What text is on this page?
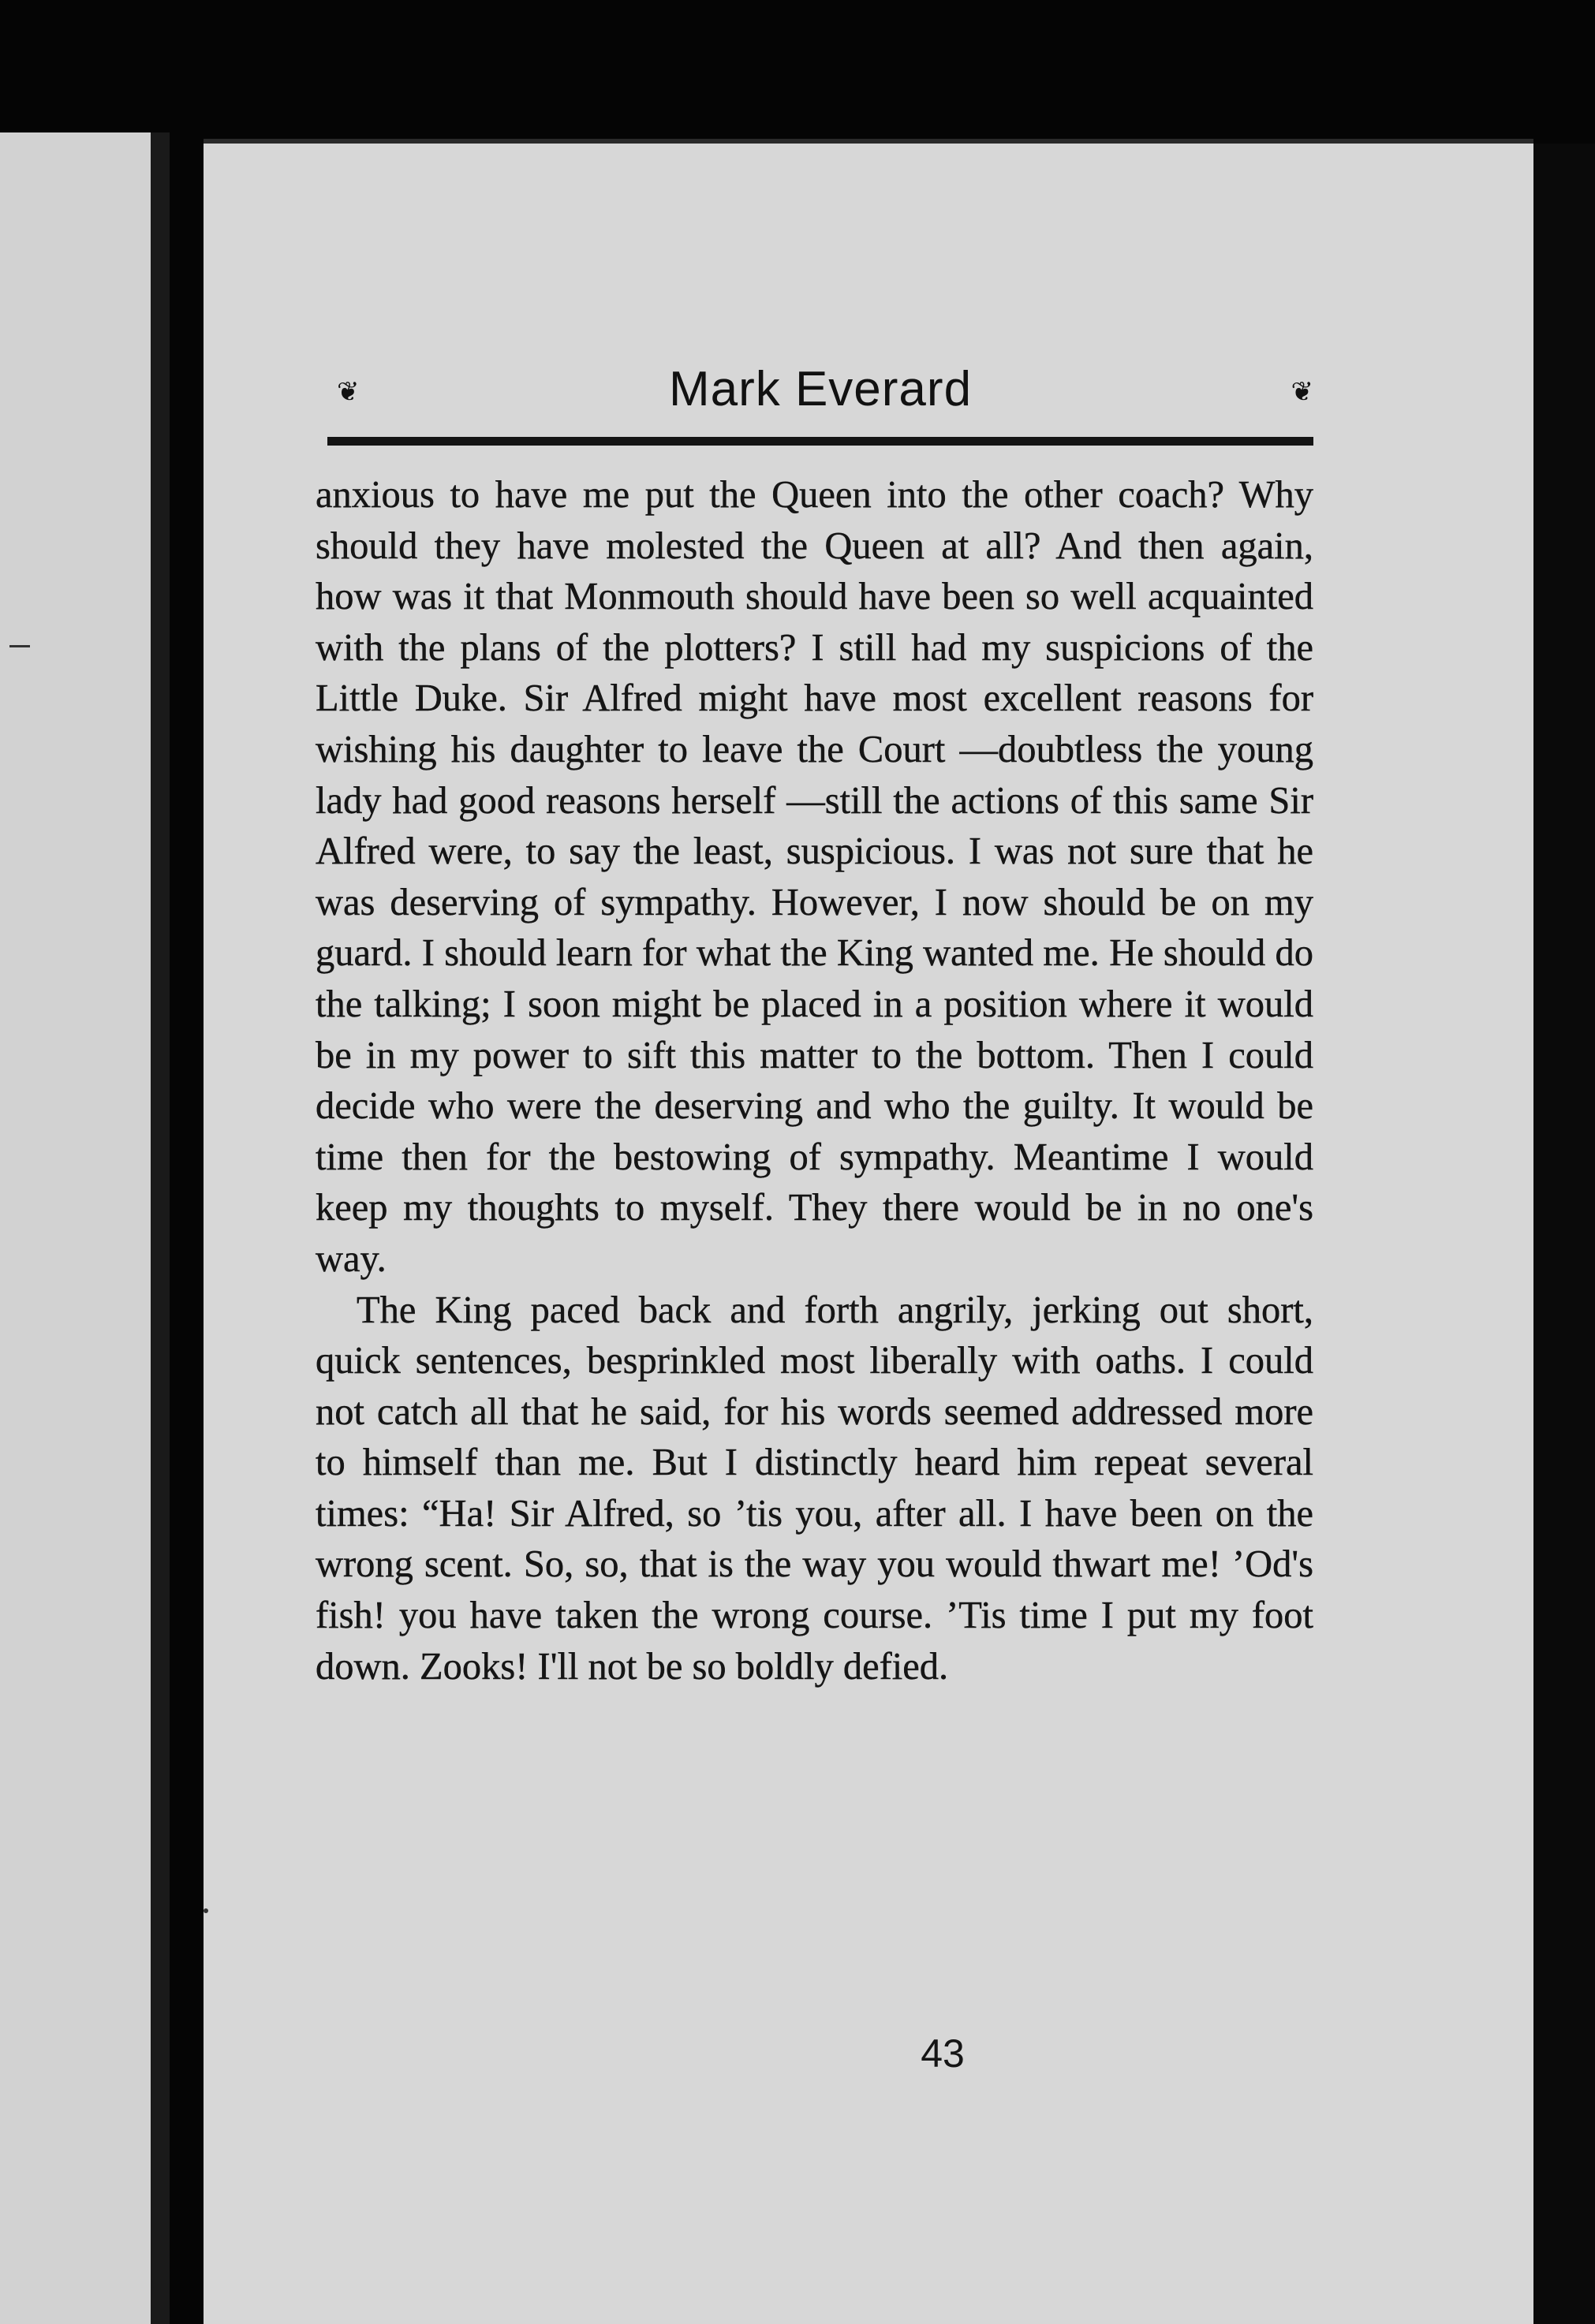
❦	Mark Everard	❦

anxious to have me put the Queen into the other coach? Why should they have molested the Queen at all? And then again, how was it that Monmouth should have been so well acquainted with the plans of the plotters? I still had my suspicions of the Little Duke. Sir Alfred might have most excellent reasons for wishing his daughter to leave the Court —doubtless the young lady had good reasons herself —still the actions of this same Sir Alfred were, to say the least, suspicious. I was not sure that he was deserving of sympathy. However, I now should be on my guard. I should learn for what the King wanted me. He should do the talking; I soon might be placed in a position where it would be in my power to sift this matter to the bottom. Then I could decide who were the deserving and who the guilty. It would be time then for the bestowing of sympathy. Meantime I would keep my thoughts to myself. They there would be in no one's way.

The King paced back and forth angrily, jerking out short, quick sentences, besprinkled most liberally with oaths. I could not catch all that he said, for his words seemed addressed more to himself than me. But I distinctly heard him repeat several times: “Ha! Sir Alfred, so ’tis you, after all. I have been on the wrong scent. So, so, that is the way you would thwart me! ’Od's fish! you have taken the wrong course. ’Tis time I put my foot down. Zooks! I'll not be so boldly defied.

43
